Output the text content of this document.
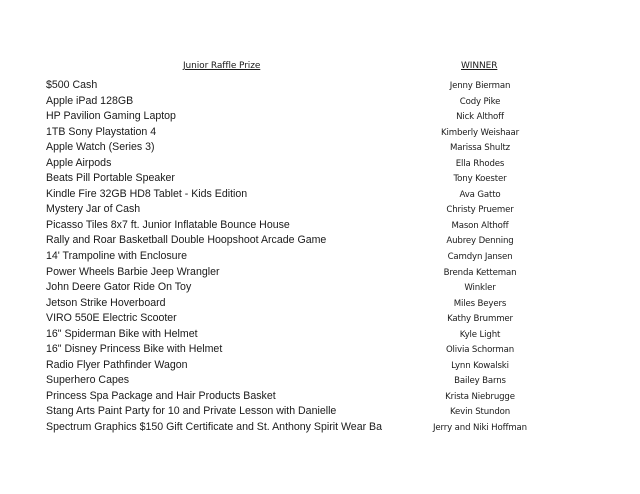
Junior Raffle Prize	WINNER
$500 Cash	Jenny Bierman
Apple iPad 128GB	Cody Pike
HP Pavilion Gaming Laptop	Nick Althoff
1TB Sony Playstation 4	Kimberly Weishaar
Apple Watch (Series 3)	Marissa Shultz
Apple Airpods	Ella Rhodes
Beats Pill Portable Speaker	Tony Koester
Kindle Fire 32GB HD8 Tablet - Kids Edition	Ava Gatto
Mystery Jar of Cash	Christy Pruemer
Picasso Tiles 8x7 ft. Junior Inflatable Bounce House	Mason Althoff
Rally and Roar Basketball Double Hoopshoot Arcade Game	Aubrey Denning
14' Trampoline with Enclosure	Camdyn Jansen
Power Wheels Barbie Jeep Wrangler	Brenda Ketteman
John Deere Gator Ride On Toy	Winkler
Jetson Strike Hoverboard	Miles Beyers
VIRO 550E Electric Scooter	Kathy Brummer
16" Spiderman Bike with Helmet	Kyle Light
16" Disney Princess Bike with Helmet	Olivia Schorman
Radio Flyer Pathfinder Wagon	Lynn Kowalski
Superhero Capes	Bailey Barns
Princess Spa Package and Hair Products Basket	Krista Niebrugge
Stang Arts Paint Party for 10 and Private Lesson with Danielle	Kevin Stundon
Spectrum Graphics $150 Gift Certificate and St. Anthony Spirit Wear Ba	Jerry and Niki Hoffman
